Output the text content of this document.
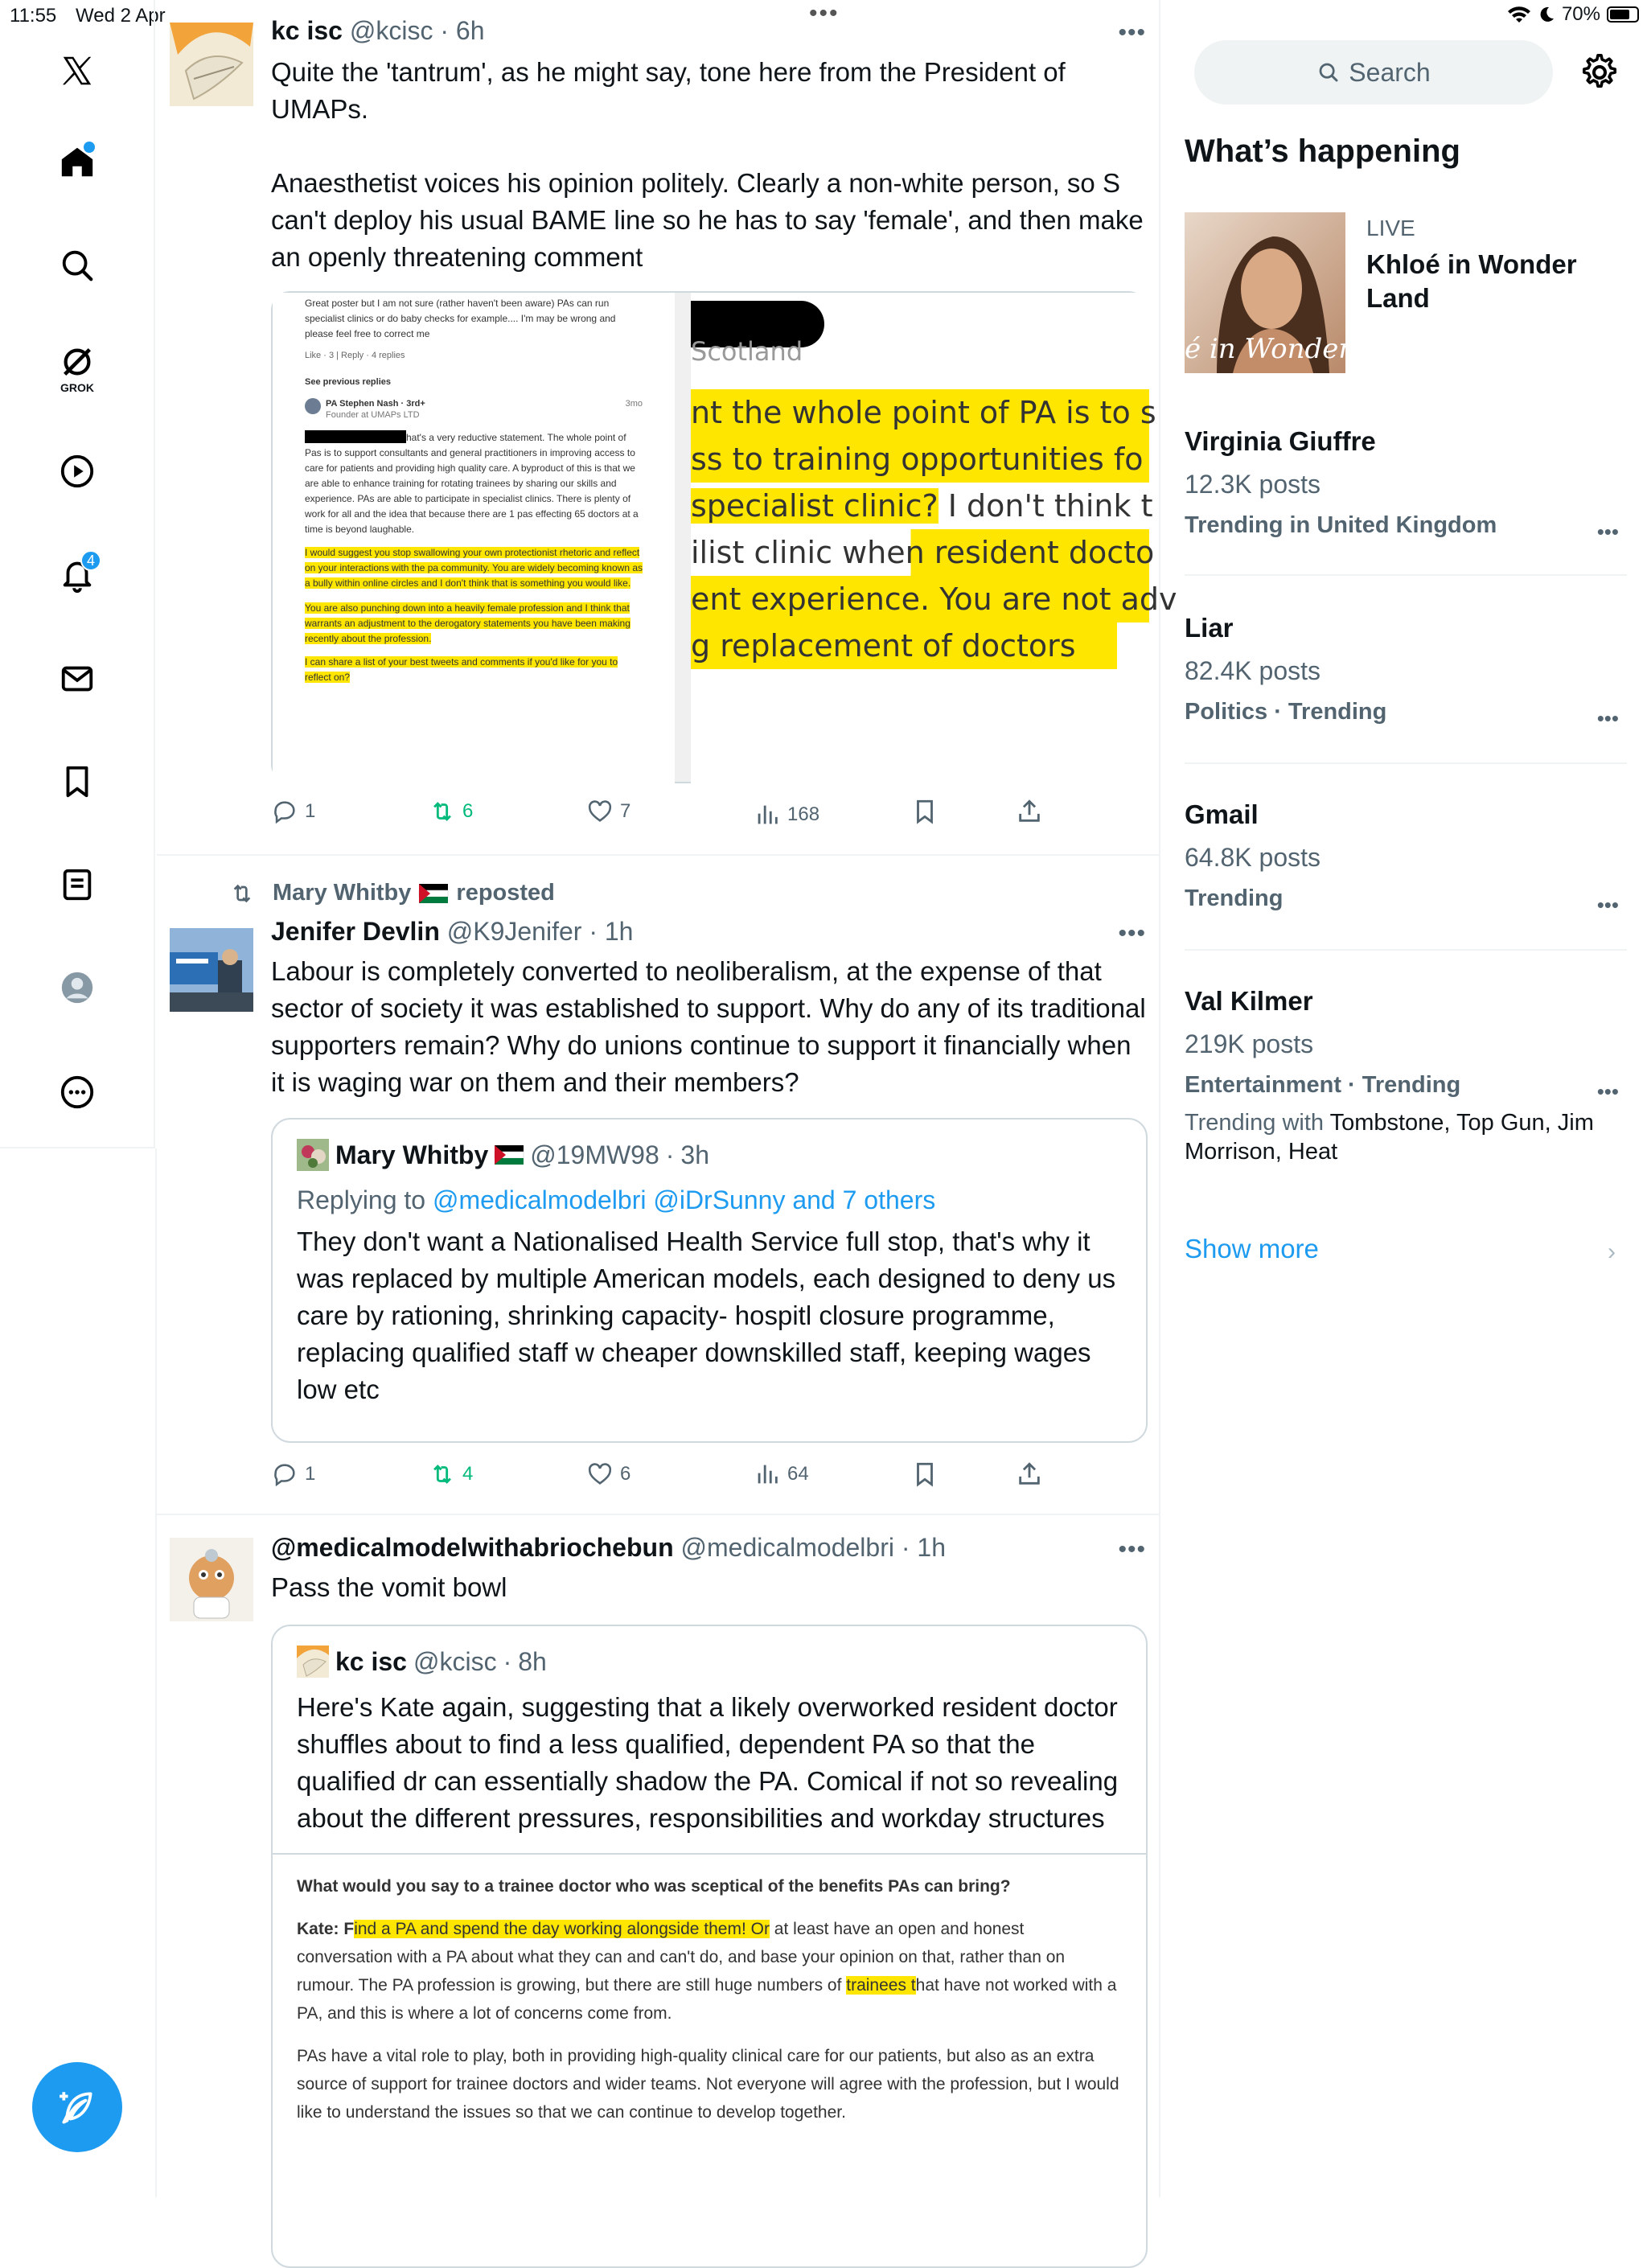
11:55 Wed 2 Apr	•••	70%
GROK
4
kc isc @kcisc · 6h
Quite the 'tantrum', as he might say, tone here from the President of UMAPs.

Anaesthetist voices his opinion politely. Clearly a non-white person, so S can't deploy his usual BAME line so he has to say 'female', and then make an openly threatening comment
•••

Great poster but I am not sure (rather haven't been aware) PAs can run specialist clinics or do baby checks for example.... I'm may be wrong and please feel free to correct me

Like · 3 | Reply · 4 replies

See previous replies

PA Stephen Nash · 3rd+	3mo

Founder at UMAPs LTD

hat's a very reductive statement. The whole point of Pas is to support consultants and general practitioners in improving access to care for patients and providing high quality care. A byproduct of this is that we are able to enhance training for rotating trainees by sharing our skills and experience. PAs are able to participate in specialist clinics. There is plenty of work for all and the idea that because there are 1 pas effecting 65 doctors at a time is beyond laughable.

I would suggest you stop swallowing your own protectionist rhetoric and reflect on your interactions with the pa community. You are widely becoming known as a bully within online circles and I don't think that is something you would like.

You are also punching down into a heavily female profession and I think that warrants an adjustment to the derogatory statements you have been making recently about the profession.

I can share a list of your best tweets and comments if you'd like for you to reflect on?

Scotland
nt the whole point of PA is to s
ss to training opportunities fo
specialist clinic? I don't think t
ilist clinic when resident docto
ent experience. You are not adv
g replacement of doctors
1	6	7	168
Mary Whitby reposted
Jenifer Devlin @K9Jenifer · 1h
Labour is completely converted to neoliberalism, at the expense of that sector of society it was established to support. Why do any of its traditional supporters remain? Why do unions continue to support it financially when it is waging war on them and their members?
•••
Mary Whitby @19MW98 · 3h
Replying to @medicalmodelbri @iDrSunny and 7 others
They don't want a Nationalised Health Service full stop, that's why it was replaced by multiple American models, each designed to deny us care by rationing, shrinking capacity- hospitl closure programme, replacing qualified staff w cheaper downskilled staff, keeping wages low etc
1	4	6	64
@medicalmodelwithabriochebun @medicalmodelbri · 1h
Pass the vomit bowl
•••
kc isc @kcisc · 8h
Here's Kate again, suggesting that a likely overworked resident doctor shuffles about to find a less qualified, dependent PA so that the qualified dr can essentially shadow the PA. Comical if not so revealing about the different pressures, responsibilities and workday structures
What would you say to a trainee doctor who was sceptical of the benefits PAs can bring?

Kate: Find a PA and spend the day working alongside them! Or at least have an open and honest conversation with a PA about what they can and can't do, and base your opinion on that, rather than on rumour. The PA profession is growing, but there are still huge numbers of trainees that have not worked with a PA, and this is where a lot of concerns come from.

PAs have a vital role to play, both in providing high-quality clinical care for our patients, but also as an extra source of support for trainee doctors and wider teams. Not everyone will agree with the profession, but I would like to understand the issues so that we can continue to develop together.

Search
What’s happening
é in Wonder L
LIVE
Khloé in Wonder Land
Virginia Giuffre
12.3K posts
Trending in United Kingdom	•••
Liar
82.4K posts
Politics · Trending	•••
Gmail
64.8K posts
Trending	•••
Val Kilmer
219K posts
Entertainment · Trending
Trending with Tombstone, Top Gun, Jim Morrison, Heat
•••
Show more	›
